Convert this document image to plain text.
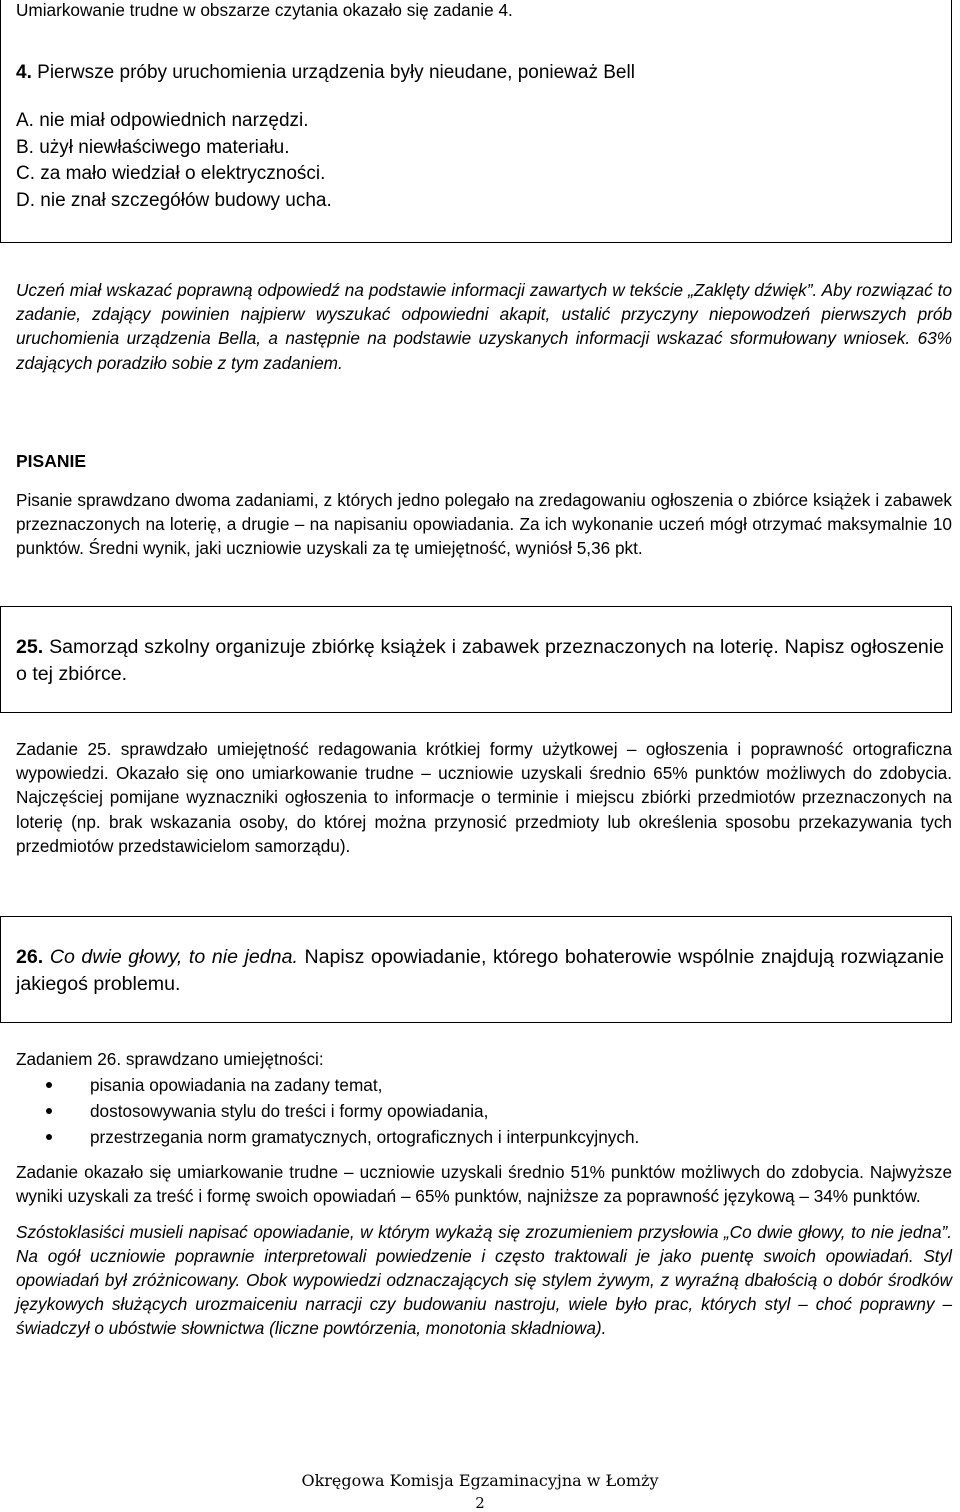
Umiarkowanie trudne w obszarze czytania okazało się zadanie 4.
4. Pierwsze próby uruchomienia urządzenia były nieudane, ponieważ Bell
A. nie miał odpowiednich narzędzi.
B. użył niewłaściwego materiału.
C. za mało wiedział o elektryczności.
D. nie znał szczegółów budowy ucha.
Uczeń miał wskazać poprawną odpowiedź na podstawie informacji zawartych w tekście „Zaklęty dźwięk”. Aby rozwiązać to zadanie, zdający powinien najpierw wyszukać odpowiedni akapit, ustalić przyczyny niepowodzeń pierwszych prób uruchomienia urządzenia Bella, a następnie na podstawie uzyskanych informacji wskazać sformułowany wniosek. 63% zdających poradziło sobie z tym zadaniem.
PISANIE
Pisanie sprawdzano dwoma zadaniami, z których jedno polegało na zredagowaniu ogłoszenia o zbiórce książek i zabawek przeznaczonych na loterię, a drugie – na napisaniu opowiadania. Za ich wykonanie uczeń mógł otrzymać maksymalnie 10 punktów. Średni wynik, jaki uczniowie uzyskali za tę umiejętność, wyniósł 5,36 pkt.
25. Samorząd szkolny organizuje zbiórkę książek i zabawek przeznaczonych na loterię. Napisz ogłoszenie o tej zbiórce.
Zadanie 25. sprawdzało umiejętność redagowania krótkiej formy użytkowej – ogłoszenia i poprawność ortograficzna wypowiedzi. Okazało się ono umiarkowanie trudne – uczniowie uzyskali średnio 65% punktów możliwych do zdobycia. Najczęściej pomijane wyznaczniki ogłoszenia to informacje o terminie i miejscu zbiórki przedmiotów przeznaczonych na loterię (np. brak wskazania osoby, do której można przynosić przedmioty lub określenia sposobu przekazywania tych przedmiotów przedstawicielom samorządu).
26. Co dwie głowy, to nie jedna. Napisz opowiadanie, którego bohaterowie wspólnie znajdują rozwiązanie jakiegoś problemu.
Zadaniem 26. sprawdzano umiejętności:
pisania opowiadania na zadany temat,
dostosowywania stylu do treści i formy opowiadania,
przestrzegania norm gramatycznych, ortograficznych i interpunkcyjnych.
Zadanie okazało się umiarkowanie trudne – uczniowie uzyskali średnio 51% punktów możliwych do zdobycia. Najwyższe wyniki uzyskali za treść i formę swoich opowiadań – 65% punktów, najniższe za poprawność językową – 34% punktów.
Szóstoklasiści musieli napisać opowiadanie, w którym wykażą się zrozumieniem przysłowia „Co dwie głowy, to nie jedna”. Na ogół uczniowie poprawnie interpretowali powiedzenie i często traktowali je jako puentę swoich opowiadań. Styl opowiadań był zróżnicowany. Obok wypowiedzi odznaczających się stylem żywym, z wyraźną dbałością o dobór środków językowych służących urozmaiceniu narracji czy budowaniu nastroju, wiele było prac, których styl – choć poprawny – świadczył o ubóstwie słownictwa (liczne powtórzenia, monotonia składniowa).
Okręgowa Komisja Egzaminacyjna w Łomży
2
